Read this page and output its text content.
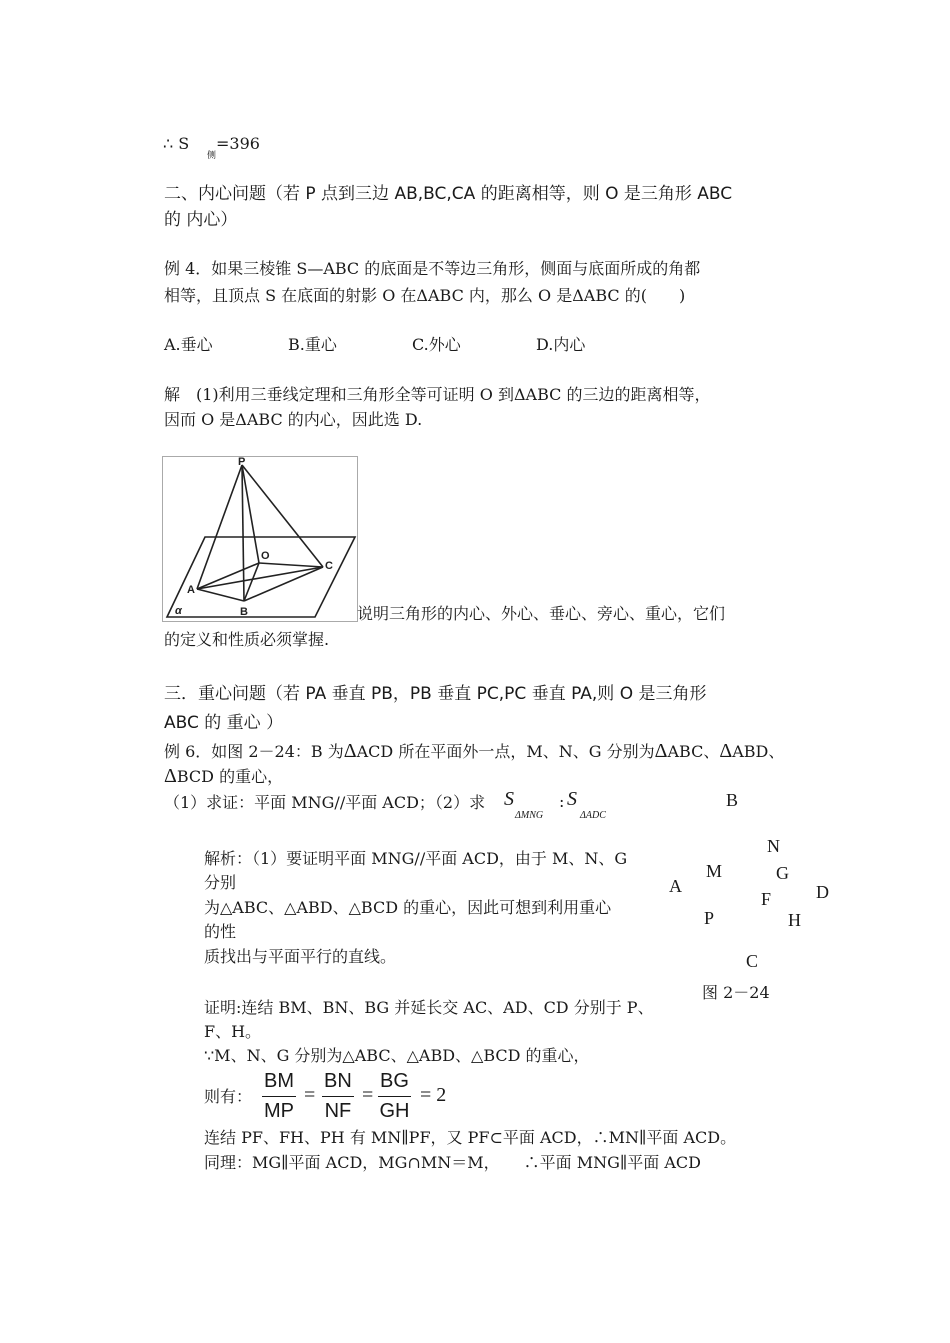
∴ S
侧
=396
二、内心问题（若 P 点到三边 AB,BC,CA 的距离相等，则 O 是三角形 ABC
的 内心）
例 4．如果三棱锥 S—ABC 的底面是不等边三角形，侧面与底面所成的角都
相等，且顶点 S 在底面的射影 O 在ΔABC 内，那么 O 是ΔABC 的(　　)
A.垂心	B.重心	C.外心	D.内心
解　(1)利用三垂线定理和三角形全等可证明 O 到ΔABC 的三边的距离相等，
因而 O 是ΔABC 的内心，因此选 D.
P
O
C
A
B
α	说明三角形的内心、外心、垂心、旁心、重心，它们
的定义和性质必须掌握.
三．重心问题（若 PA 垂直 PB，PB 垂直 PC,PC 垂直 PA,则 O 是三角形
ABC 的 重心 ）
例 6．如图 2－24：B 为ΔACD 所在平面外一点，M、N、G 分别为ΔABC、ΔABD、
ΔBCD 的重心，
（1）求证：平面 MNG//平面 ACD；（2）求 S
ΔMNG
: S
ΔADC
B
N
M	G
D
A
F
P	H
C
图 2－24
解析：（1）要证明平面 MNG//平面 ACD，由于 M、N、G
分别
为△ABC、△ABD、△BCD 的重心，因此可想到利用重心
的性
质找出与平面平行的直线。
证明:连结 BM、BN、BG 并延长交 AC、AD、CD 分别于 P、
F、H。
∵M、N、G 分别为△ABC、△ABD、△BCD 的重心，
则有： $\frac{BM}{MP} = \frac{BN}{NF} = \frac{BG}{GH} = 2$
连结 PF、FH、PH 有 MN∥PF，又 PF⊂平面 ACD，∴MN∥平面 ACD。
同理：MG∥平面 ACD，MG∩MN＝M，　　∴平面 MNG∥平面 ACD
